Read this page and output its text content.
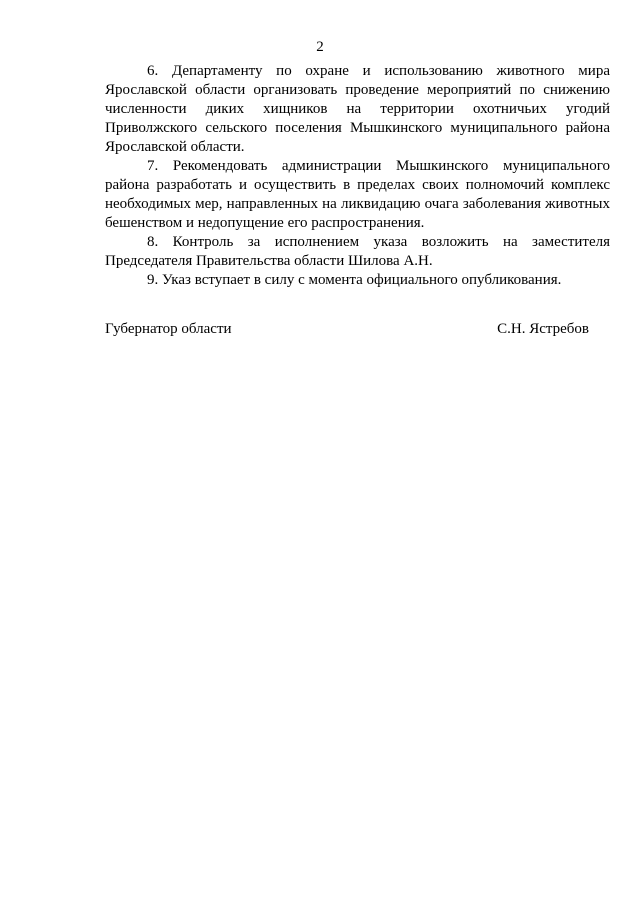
2

6. Департаменту по охране и использованию животного мира Ярославской области организовать проведение мероприятий по снижению численности диких хищников на территории охотничьих угодий Приволжского сельского поселения Мышкинского муниципального района Ярославской области.

7. Рекомендовать администрации Мышкинского муниципального района разработать и осуществить в пределах своих полномочий комплекс необходимых мер, направленных на ликвидацию очага заболевания животных бешенством и недопущение его распространения.

8. Контроль за исполнением указа возложить на заместителя Председателя Правительства области Шилова А.Н.

9. Указ вступает в силу с момента официального опубликования.

Губернатор области	С.Н. Ястребов
